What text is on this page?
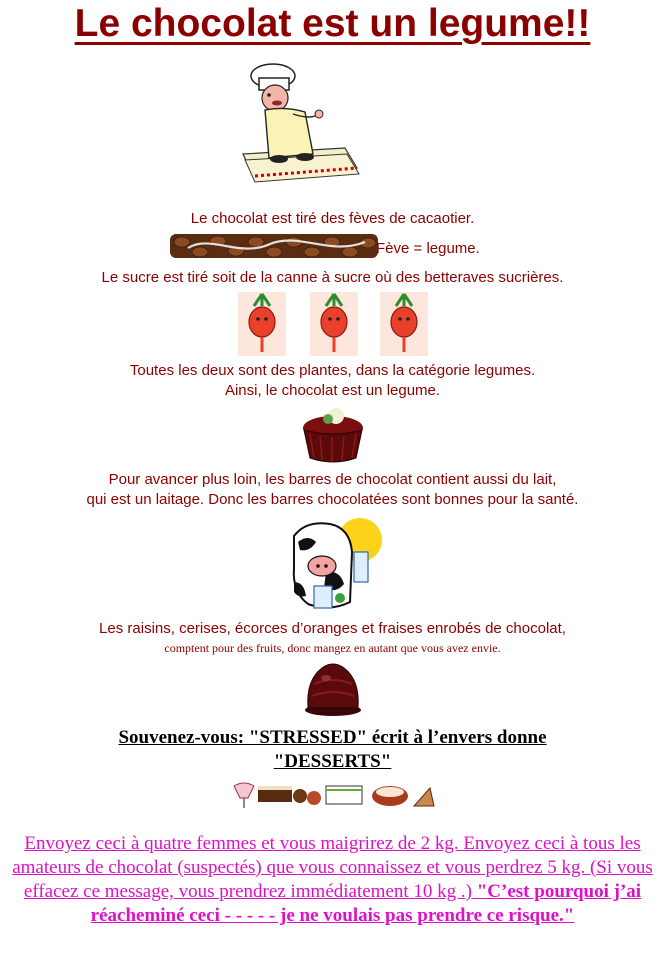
Le chocolat est un legume!!
Le chocolat est tiré des fèves de cacaotier.
Fève = legume.
Le sucre est tiré soit de la canne à sucre où des betteraves sucrières.
Toutes les deux sont des plantes, dans la catégorie legumes.
Ainsi, le chocolat est un legume.
Pour avancer plus loin, les barres de chocolat contient aussi du lait,
qui est un laitage. Donc les barres chocolatées sont bonnes pour la santé.
Les raisins, cerises, écorces d’oranges et fraises enrobés de chocolat,
comptent pour des fruits, donc mangez en autant que vous avez envie.
Souvenez-vous: "STRESSED" écrit à l’envers donne
"DESSERTS"
Envoyez ceci à quatre femmes et vous maigrirez de 2 kg. Envoyez ceci à tous les amateurs de chocolat (suspectés) que vous connaissez et vous perdrez 5 kg. (Si vous effacez ce message, vous prendrez immédiatement 10 kg .) "C’est pourquoi j’ai réacheminé ceci - - - - - je ne voulais pas prendre ce risque."
